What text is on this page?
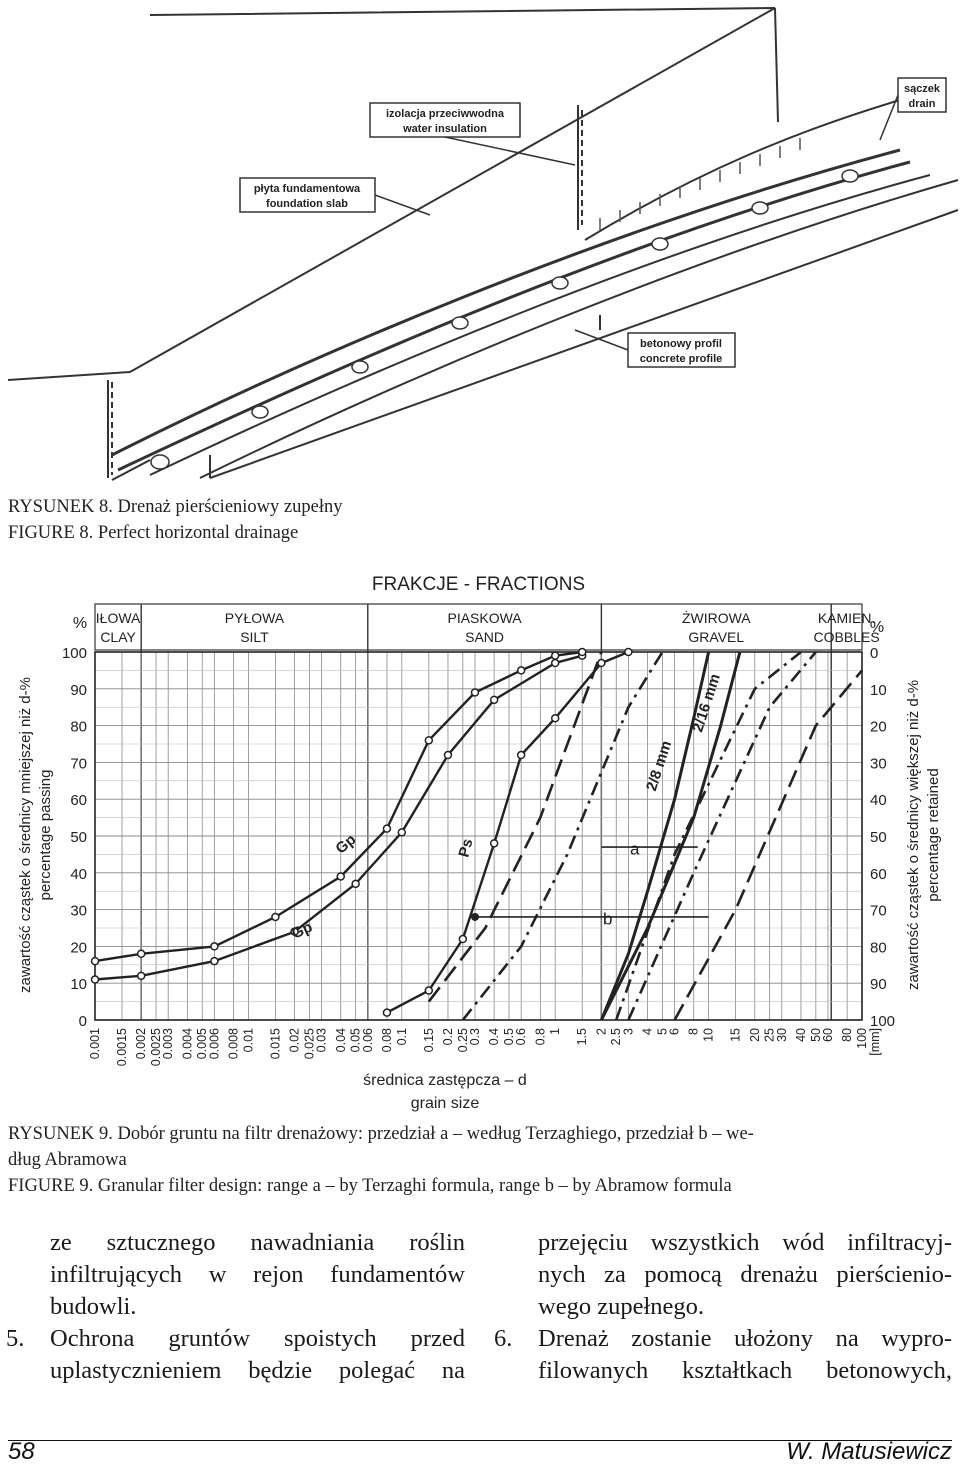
izolacja przeciwwodna
water insulation
płyta fundamentowa
foundation slab
sączek
drain
betonowy profil
concrete profile
RYSUNEK 8. Drenaż pierścieniowy zupełny
FIGURE 8. Perfect horizontal drainage
FRAKCJE - FRACTIONS
IŁOWA
CLAY
PYŁOWA
SILT
PIASKOWA
SAND
ŻWIROWA
GRAVEL
KAMIEN.
COBBLES
100
90
80
70
60
50
40
30
20
10
0
0
10
20
30
40
50
60
70
80
90
100
%	%
zawartość cząstek o średnicy mniejszej niż d-% percentage passing	zawartość cząstek o średnicy większej niż d-% percentage retained
0.001 0.0015 0.002 0.0025
0.003 0.004 0.005
0.006 0.008 0.01 0.015 0.02 0.025
0.03 0.04 0.05
0.06 0.08 0.1 0.15 0.2 0.25
0.3 0.4 0.5
0.6 0.8 1 1.5 2 2.5
3 4 5
6 8 10 15 20 25
30 40 50
60 80 100 [mm]
średnica zastępcza – d
grain size
Gp
Gp
Ps
2/8 mm
2/16 mm
a
b
RYSUNEK 9. Dobór gruntu na filtr drenażowy: przedział a – według Terzaghiego, przedział b – we-
dług Abramowa
FIGURE 9. Granular filter design: range a – by Terzaghi formula, range b – by Abramow formula
ze sztucznego nawadniania roślin
infiltrujących w rejon fundamentów
budowli.
5. Ochrona gruntów spoistych przed
uplastycznieniem będzie polegać na
przejęciu wszystkich wód infiltracyj-
nych za pomocą drenażu pierścienio-
wego zupełnego.
6. Drenaż zostanie ułożony na wypro-
filowanych kształtkach betonowych,
58	W. Matusiewicz
